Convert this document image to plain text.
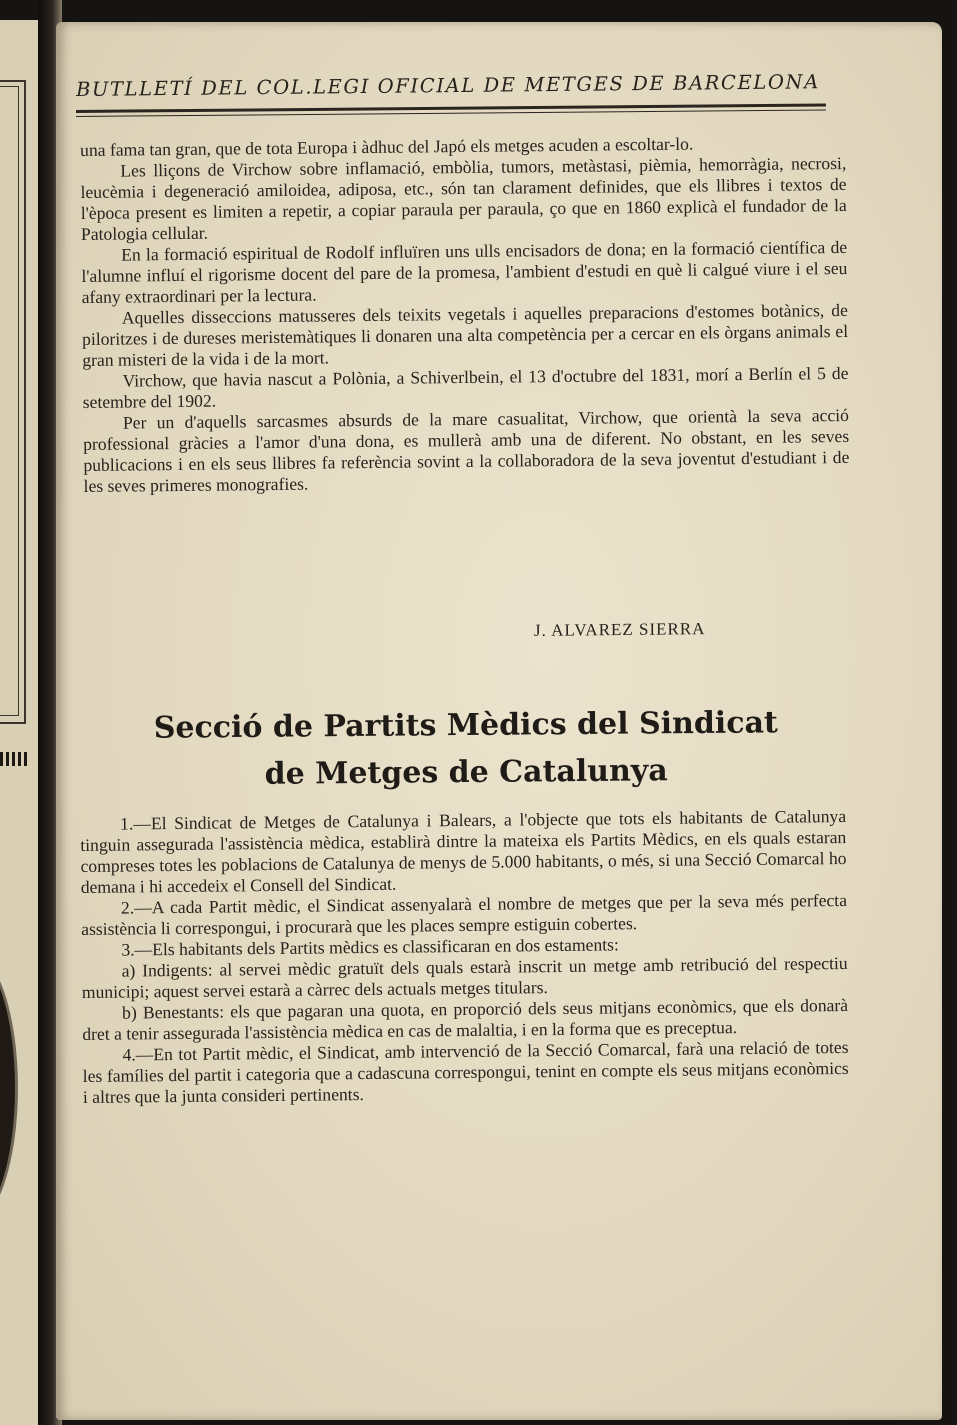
BUTLLETÍ DEL COL.LEGI OFICIAL DE METGES DE BARCELONA

una fama tan gran, que de tota Europa i àdhuc del Japó els metges acuden a escoltar-lo.

Les lliçons de Virchow sobre inflamació, embòlia, tumors, metàstasi, pièmia, hemorràgia, necrosi, leucèmia i degeneració amiloidea, adiposa, etc., són tan clarament definides, que els llibres i textos de l'època present es limiten a repetir, a copiar paraula per paraula, ço que en 1860 explicà el fundador de la Patologia cellular.

En la formació espiritual de Rodolf influïren uns ulls encisadors de dona; en la formació científica de l'alumne influí el rigorisme docent del pare de la promesa, l'ambient d'estudi en què li calgué viure i el seu afany extraordinari per la lectura.

Aquelles disseccions matusseres dels teixits vegetals i aquelles preparacions d'estomes botànics, de piloritzes i de dureses meristemàtiques li donaren una alta competència per a cercar en els òrgans animals el gran misteri de la vida i de la mort.

Virchow, que havia nascut a Polònia, a Schiverlbein, el 13 d'octubre del 1831, morí a Berlín el 5 de setembre del 1902.

Per un d'aquells sarcasmes absurds de la mare casualitat, Virchow, que orientà la seva acció professional gràcies a l'amor d'una dona, es mullerà amb una de diferent. No obstant, en les seves publicacions i en els seus llibres fa referència sovint a la collaboradora de la seva joventut d'estudiant i de les seves primeres monografies.

J. ALVAREZ SIERRA
Secció de Partits Mèdics del Sindicat
de Metges de Catalunya

1.—El Sindicat de Metges de Catalunya i Balears, a l'objecte que tots els habitants de Catalunya tinguin assegurada l'assistència mèdica, establirà dintre la mateixa els Partits Mèdics, en els quals estaran compreses totes les poblacions de Catalunya de menys de 5.000 habitants, o més, si una Secció Comarcal ho demana i hi accedeix el Consell del Sindicat.

2.—A cada Partit mèdic, el Sindicat assenyalarà el nombre de metges que per la seva més perfecta assistència li correspongui, i procurarà que les places sempre estiguin cobertes.

3.—Els habitants dels Partits mèdics es classificaran en dos estaments:

a) Indigents: al servei mèdic gratuït dels quals estarà inscrit un metge amb retribució del respectiu municipi; aquest servei estarà a càrrec dels actuals metges titulars.

b) Benestants: els que pagaran una quota, en proporció dels seus mitjans econòmics, que els donarà dret a tenir assegurada l'assistència mèdica en cas de malaltia, i en la forma que es preceptua.

4.—En tot Partit mèdic, el Sindicat, amb intervenció de la Secció Comarcal, farà una relació de totes les famílies del partit i categoria que a cadascuna correspongui, tenint en compte els seus mitjans econòmics i altres que la junta consideri pertinents.
